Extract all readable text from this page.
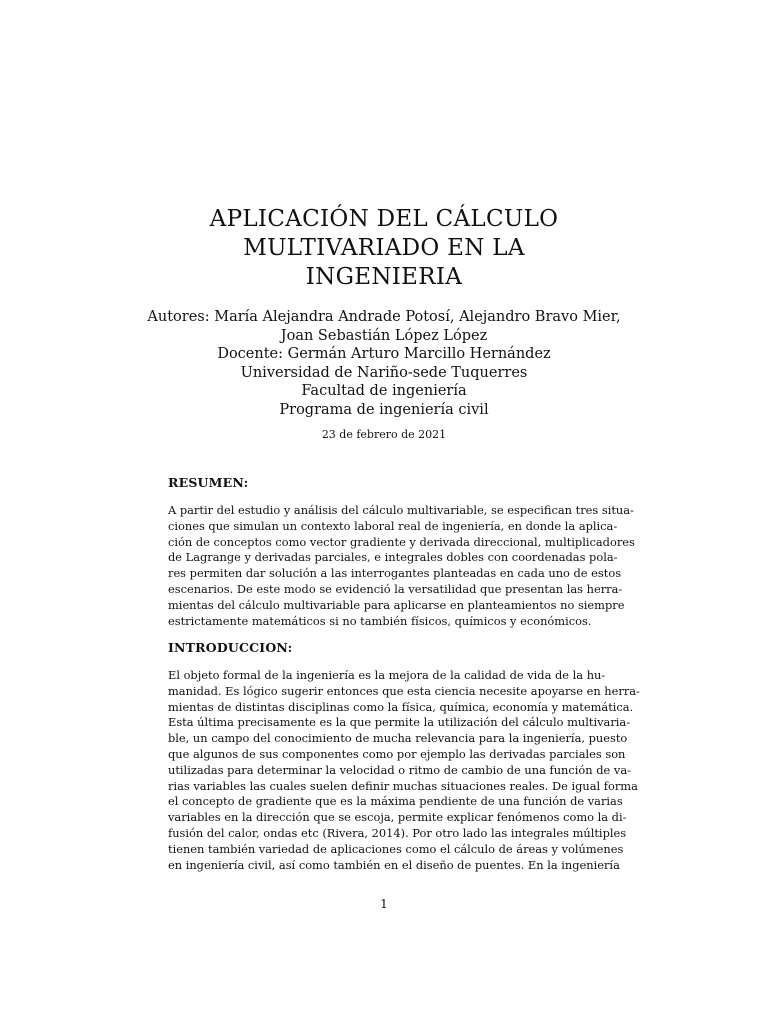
APLICACIÓN DEL CÁLCULO
MULTIVARIADO EN LA
INGENIERIA
Autores: María Alejandra Andrade Potosí, Alejandro Bravo Mier,
Joan Sebastián López López
Docente: Germán Arturo Marcillo Hernández
Universidad de Nariño-sede Tuquerres
Facultad de ingeniería
Programa de ingeniería civil
23 de febrero de 2021
RESUMEN:
A partir del estudio y análisis del cálculo multivariable, se especifican tres situa-
ciones que simulan un contexto laboral real de ingeniería, en donde la aplica-
ción de conceptos como vector gradiente y derivada direccional, multiplicadores
de Lagrange y derivadas parciales, e integrales dobles con coordenadas pola-
res permiten dar solución a las interrogantes planteadas en cada uno de estos
escenarios. De este modo se evidenció la versatilidad que presentan las herra-
mientas del cálculo multivariable para aplicarse en planteamientos no siempre
estrictamente matemáticos si no también físicos, químicos y económicos.
INTRODUCCION:
El objeto formal de la ingeniería es la mejora de la calidad de vida de la hu-
manidad. Es lógico sugerir entonces que esta ciencia necesite apoyarse en herra-
mientas de distintas disciplinas como la física, química, economía y matemática.
Esta última precisamente es la que permite la utilización del cálculo multivaria-
ble, un campo del conocimiento de mucha relevancia para la ingeniería, puesto
que algunos de sus componentes como por ejemplo las derivadas parciales son
utilizadas para determinar la velocidad o ritmo de cambio de una función de va-
rias variables las cuales suelen definir muchas situaciones reales. De igual forma
el concepto de gradiente que es la máxima pendiente de una función de varias
variables en la dirección que se escoja, permite explicar fenómenos como la di-
fusión del calor, ondas etc (Rivera, 2014). Por otro lado las integrales múltiples
tienen también variedad de aplicaciones como el cálculo de áreas y volúmenes
en ingeniería civil, así como también en el diseño de puentes. En la ingeniería
1
